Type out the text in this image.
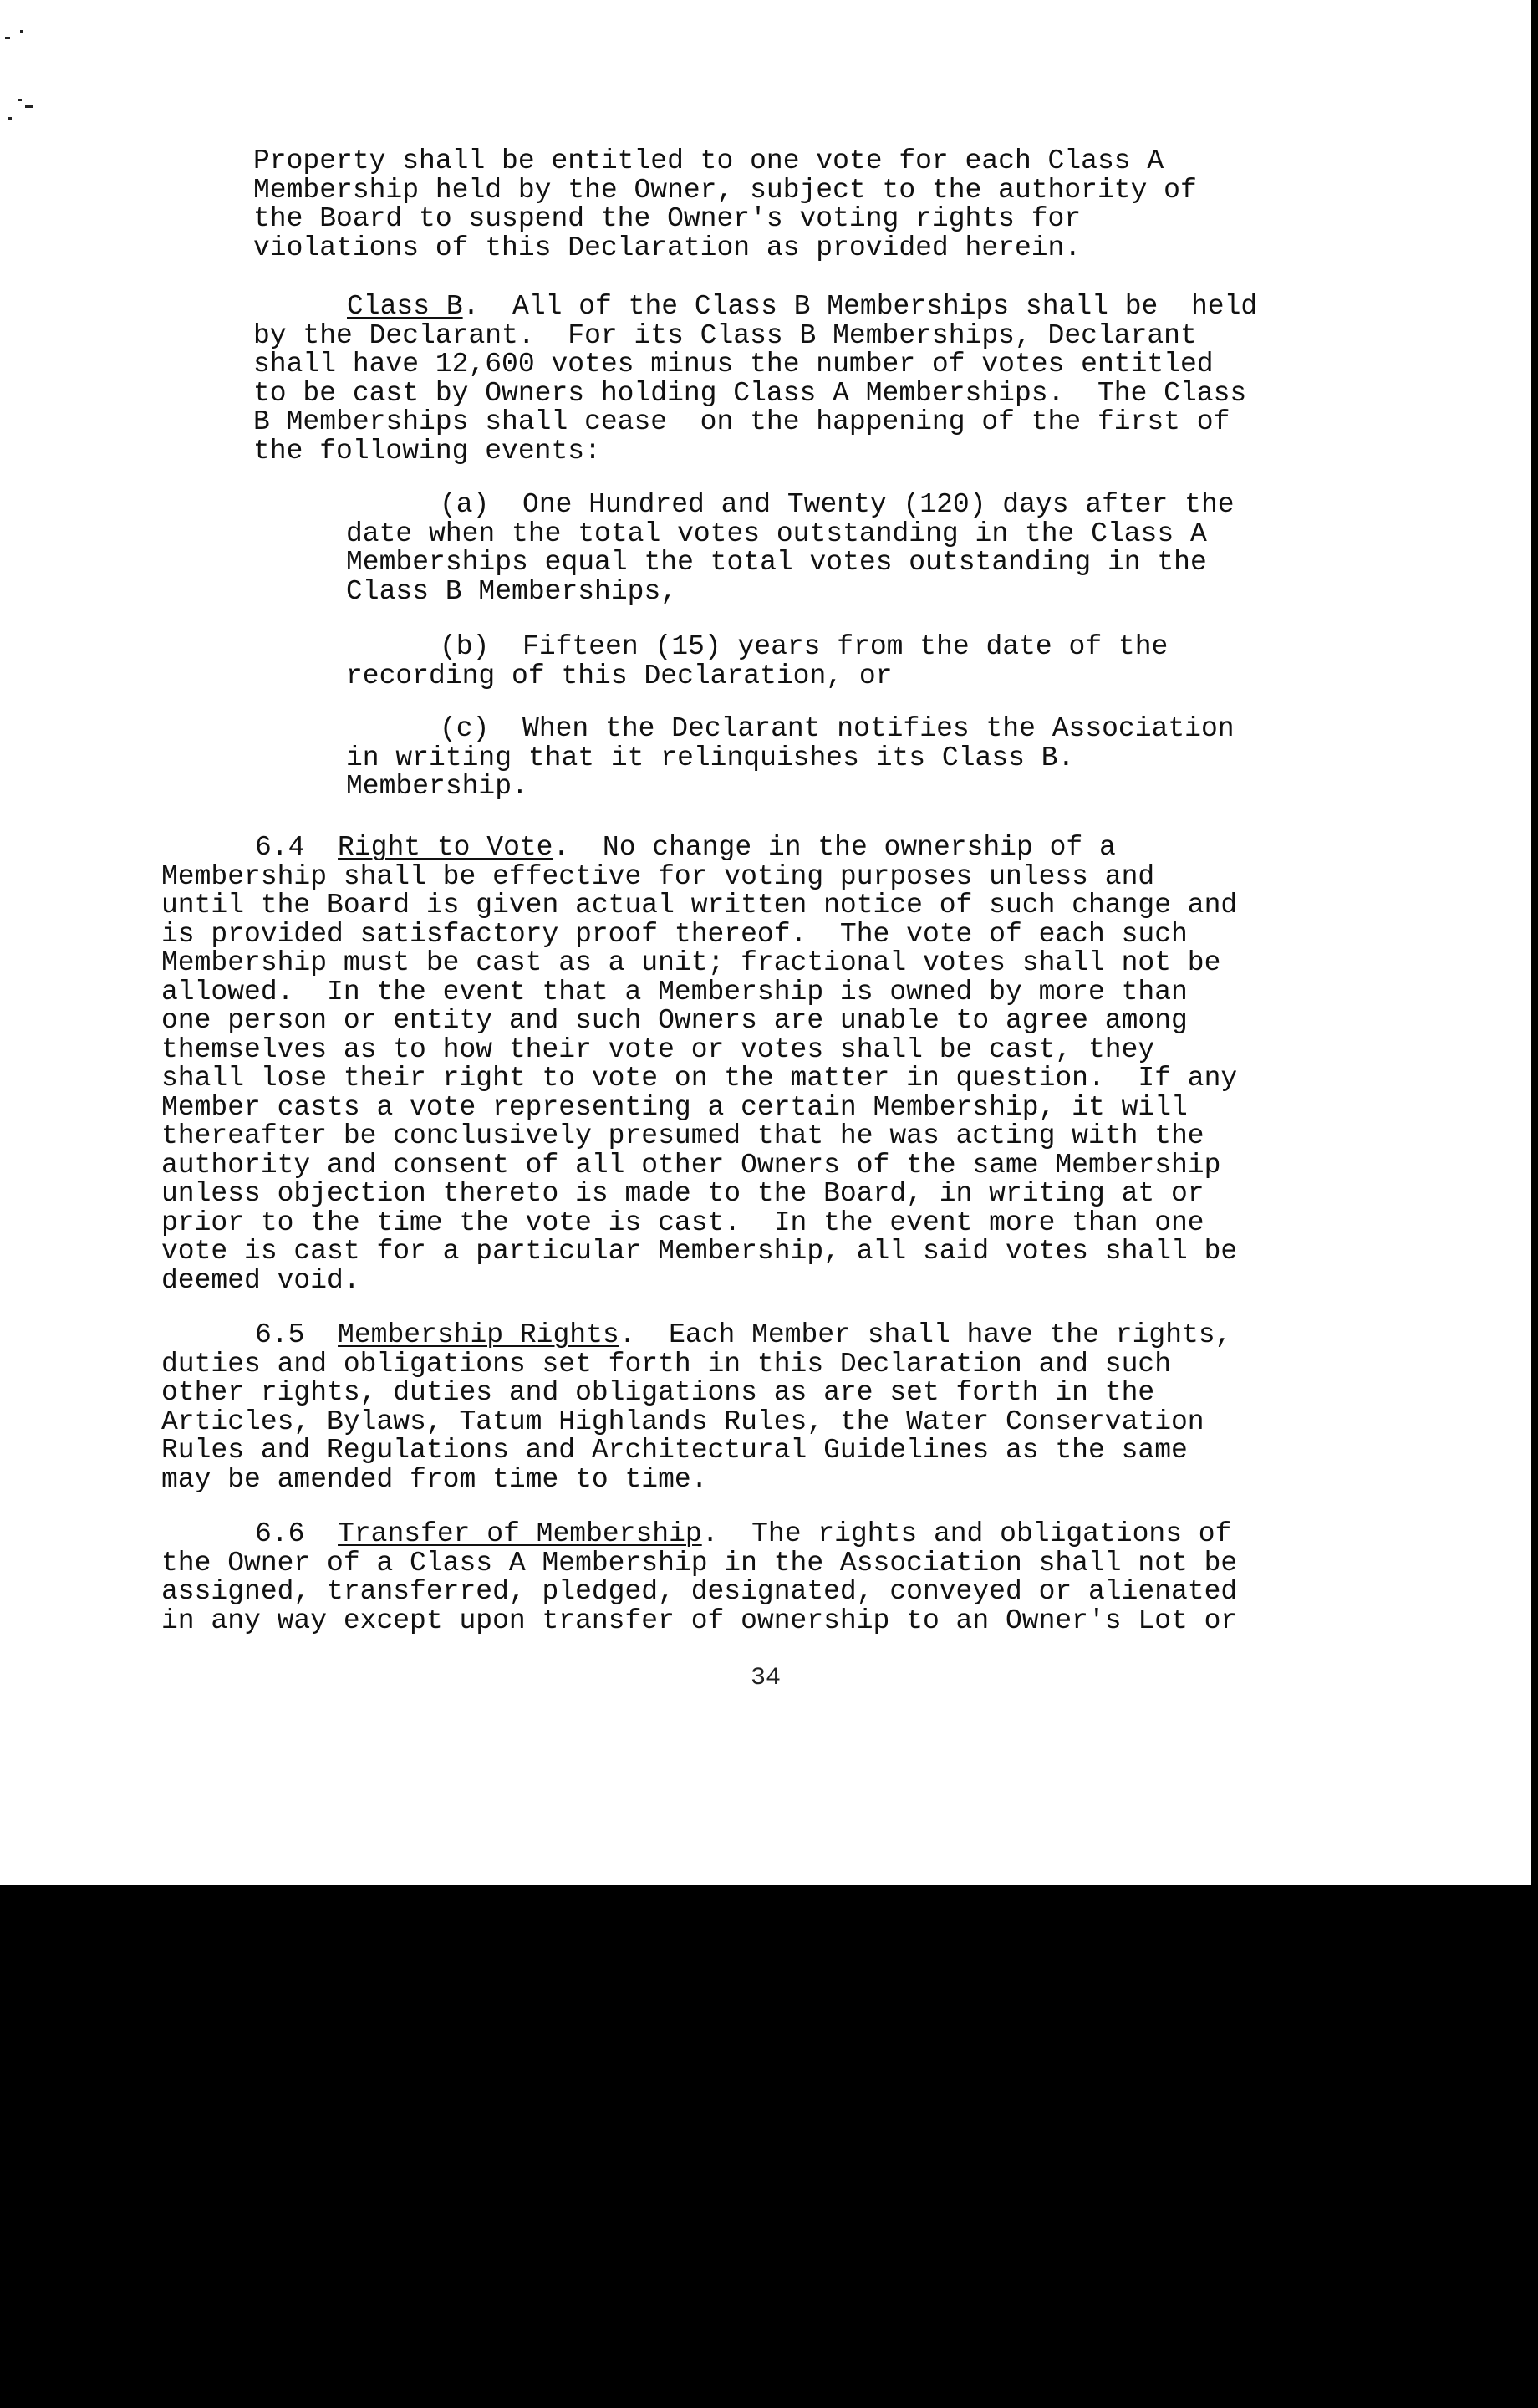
Property shall be entitled to one vote for each Class A
Membership held by the Owner, subject to the authority of
the Board to suspend the Owner's voting rights for
violations of this Declaration as provided herein.
Class B.  All of the Class B Memberships shall be  held
by the Declarant.  For its Class B Memberships, Declarant
shall have 12,600 votes minus the number of votes entitled
to be cast by Owners holding Class A Memberships.  The Class
B Memberships shall cease  on the happening of the first of
the following events:
(a)  One Hundred and Twenty (120) days after the
date when the total votes outstanding in the Class A
Memberships equal the total votes outstanding in the
Class B Memberships,
(b)  Fifteen (15) years from the date of the
recording of this Declaration, or
(c)  When the Declarant notifies the Association
in writing that it relinquishes its Class B.
Membership.
6.4 Right to Vote.  No change in the ownership of a
Membership shall be effective for voting purposes unless and
until the Board is given actual written notice of such change and
is provided satisfactory proof thereof.  The vote of each such
Membership must be cast as a unit; fractional votes shall not be
allowed.  In the event that a Membership is owned by more than
one person or entity and such Owners are unable to agree among
themselves as to how their vote or votes shall be cast, they
shall lose their right to vote on the matter in question.  If any
Member casts a vote representing a certain Membership, it will
thereafter be conclusively presumed that he was acting with the
authority and consent of all other Owners of the same Membership
unless objection thereto is made to the Board, in writing at or
prior to the time the vote is cast.  In the event more than one
vote is cast for a particular Membership, all said votes shall be
deemed void.
6.5 Membership Rights.  Each Member shall have the rights,
duties and obligations set forth in this Declaration and such
other rights, duties and obligations as are set forth in the
Articles, Bylaws, Tatum Highlands Rules, the Water Conservation
Rules and Regulations and Architectural Guidelines as the same
may be amended from time to time.
6.6 Transfer of Membership.  The rights and obligations of
the Owner of a Class A Membership in the Association shall not be
assigned, transferred, pledged, designated, conveyed or alienated
in any way except upon transfer of ownership to an Owner's Lot or
34
